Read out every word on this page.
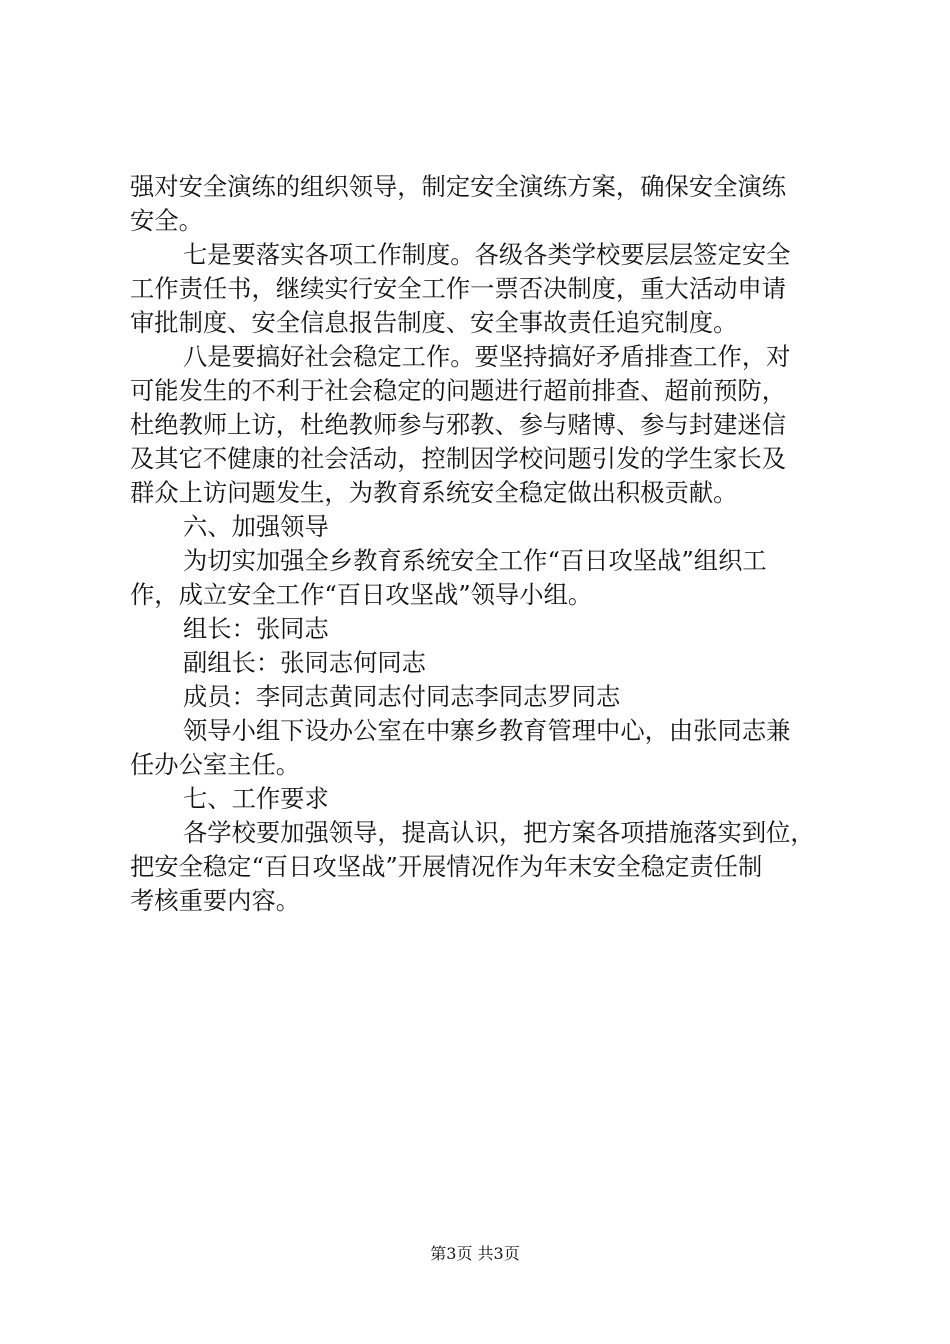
强对安全演练的组织领导，制定安全演练方案，确保安全演练
安全。
七是要落实各项工作制度。各级各类学校要层层签定安全
工作责任书，继续实行安全工作一票否决制度，重大活动申请
审批制度、安全信息报告制度、安全事故责任追究制度。
八是要搞好社会稳定工作。要坚持搞好矛盾排查工作，对
可能发生的不利于社会稳定的问题进行超前排查、超前预防，
杜绝教师上访，杜绝教师参与邪教、参与赌博、参与封建迷信
及其它不健康的社会活动，控制因学校问题引发的学生家长及
群众上访问题发生，为教育系统安全稳定做出积极贡献。
六、加强领导
为切实加强全乡教育系统安全工作“百日攻坚战”组织工
作，成立安全工作“百日攻坚战”领导小组。
组长：张同志
副组长：张同志何同志
成员：李同志黄同志付同志李同志罗同志
领导小组下设办公室在中寨乡教育管理中心，由张同志兼
任办公室主任。
七、工作要求
各学校要加强领导，提高认识，把方案各项措施落实到位，
把安全稳定“百日攻坚战”开展情况作为年末安全稳定责任制
考核重要内容。
第3页 共3页
